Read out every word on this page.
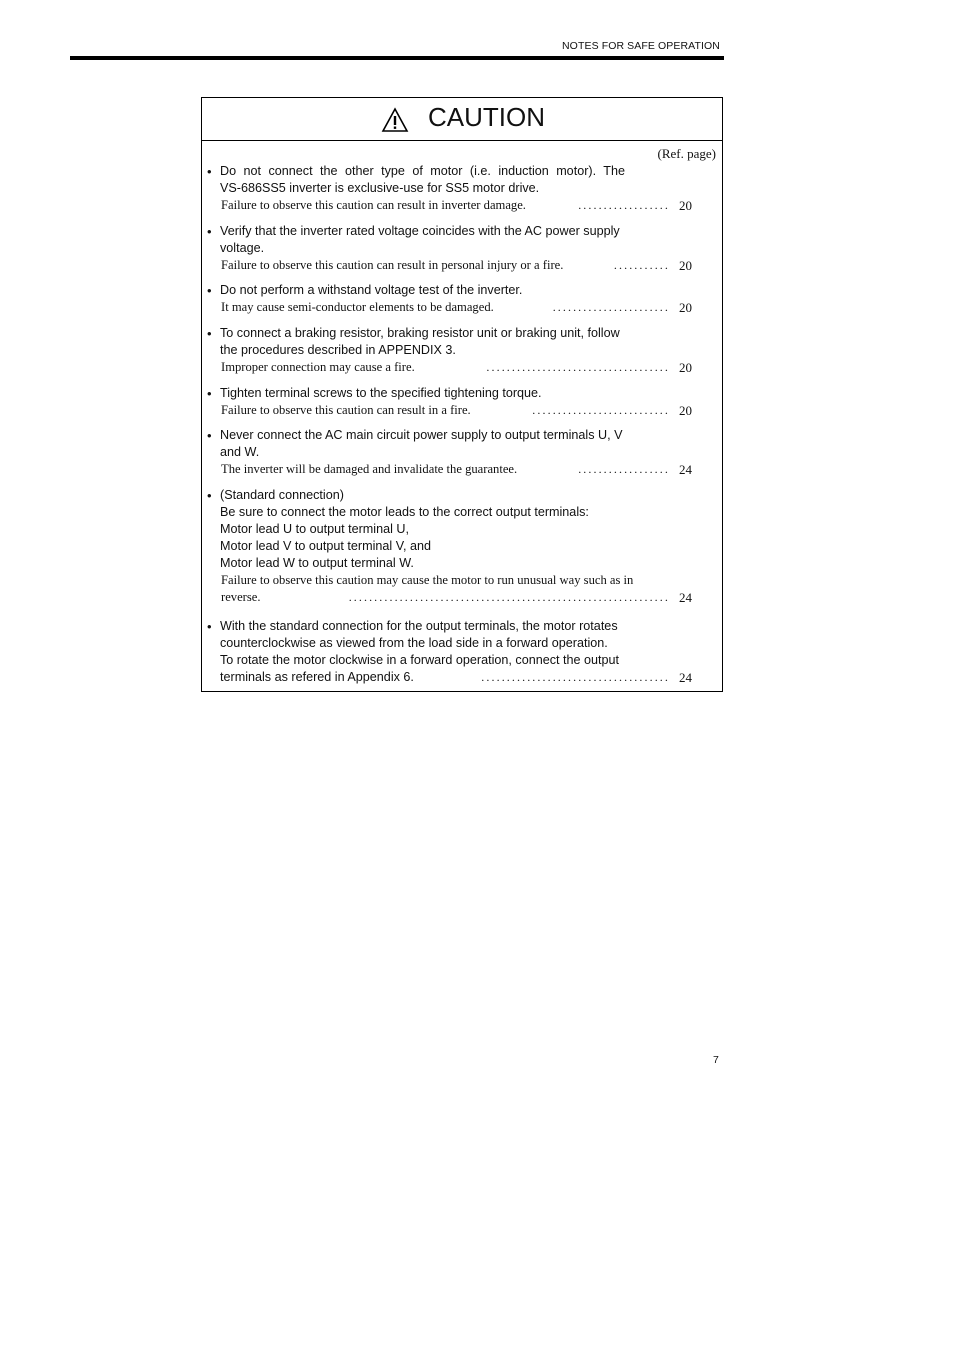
NOTES FOR SAFE OPERATION
CAUTION
(Ref. page)
• Do not connect the other type of motor (i.e. induction motor). The
VS-686SS5 inverter is exclusive-use for SS5 motor drive.
Failure to observe this caution can result in inverter damage.	.................. 20
• Verify that the inverter rated voltage coincides with the AC power supply
voltage.
Failure to observe this caution can result in personal injury or a fire.	........... 20
• Do not perform a withstand voltage test of the inverter.
It may cause semi-conductor elements to be damaged.	....................... 20
• To connect a braking resistor, braking resistor unit or braking unit, follow
the procedures described in APPENDIX 3.
Improper connection may cause a fire.	.................................... 20
• Tighten terminal screws to the specified tightening torque.
Failure to observe this caution can result in a fire.	........................... 20
• Never connect the AC main circuit power supply to output terminals U, V
and W.
The inverter will be damaged and invalidate the guarantee.	.................. 24
• (Standard connection)
Be sure to connect the motor leads to the correct output terminals:
Motor lead U to output terminal U,
Motor lead V to output terminal V, and
Motor lead W to output terminal W.
Failure to observe this caution may cause the motor to run unusual way such as in
reverse.	............................................................... 24
• With the standard connection for the output terminals, the motor rotates
counterclockwise as viewed from the load side in a forward operation.
To rotate the motor clockwise in a forward operation, connect the output
terminals as refered in Appendix 6.	..................................... 24
7
